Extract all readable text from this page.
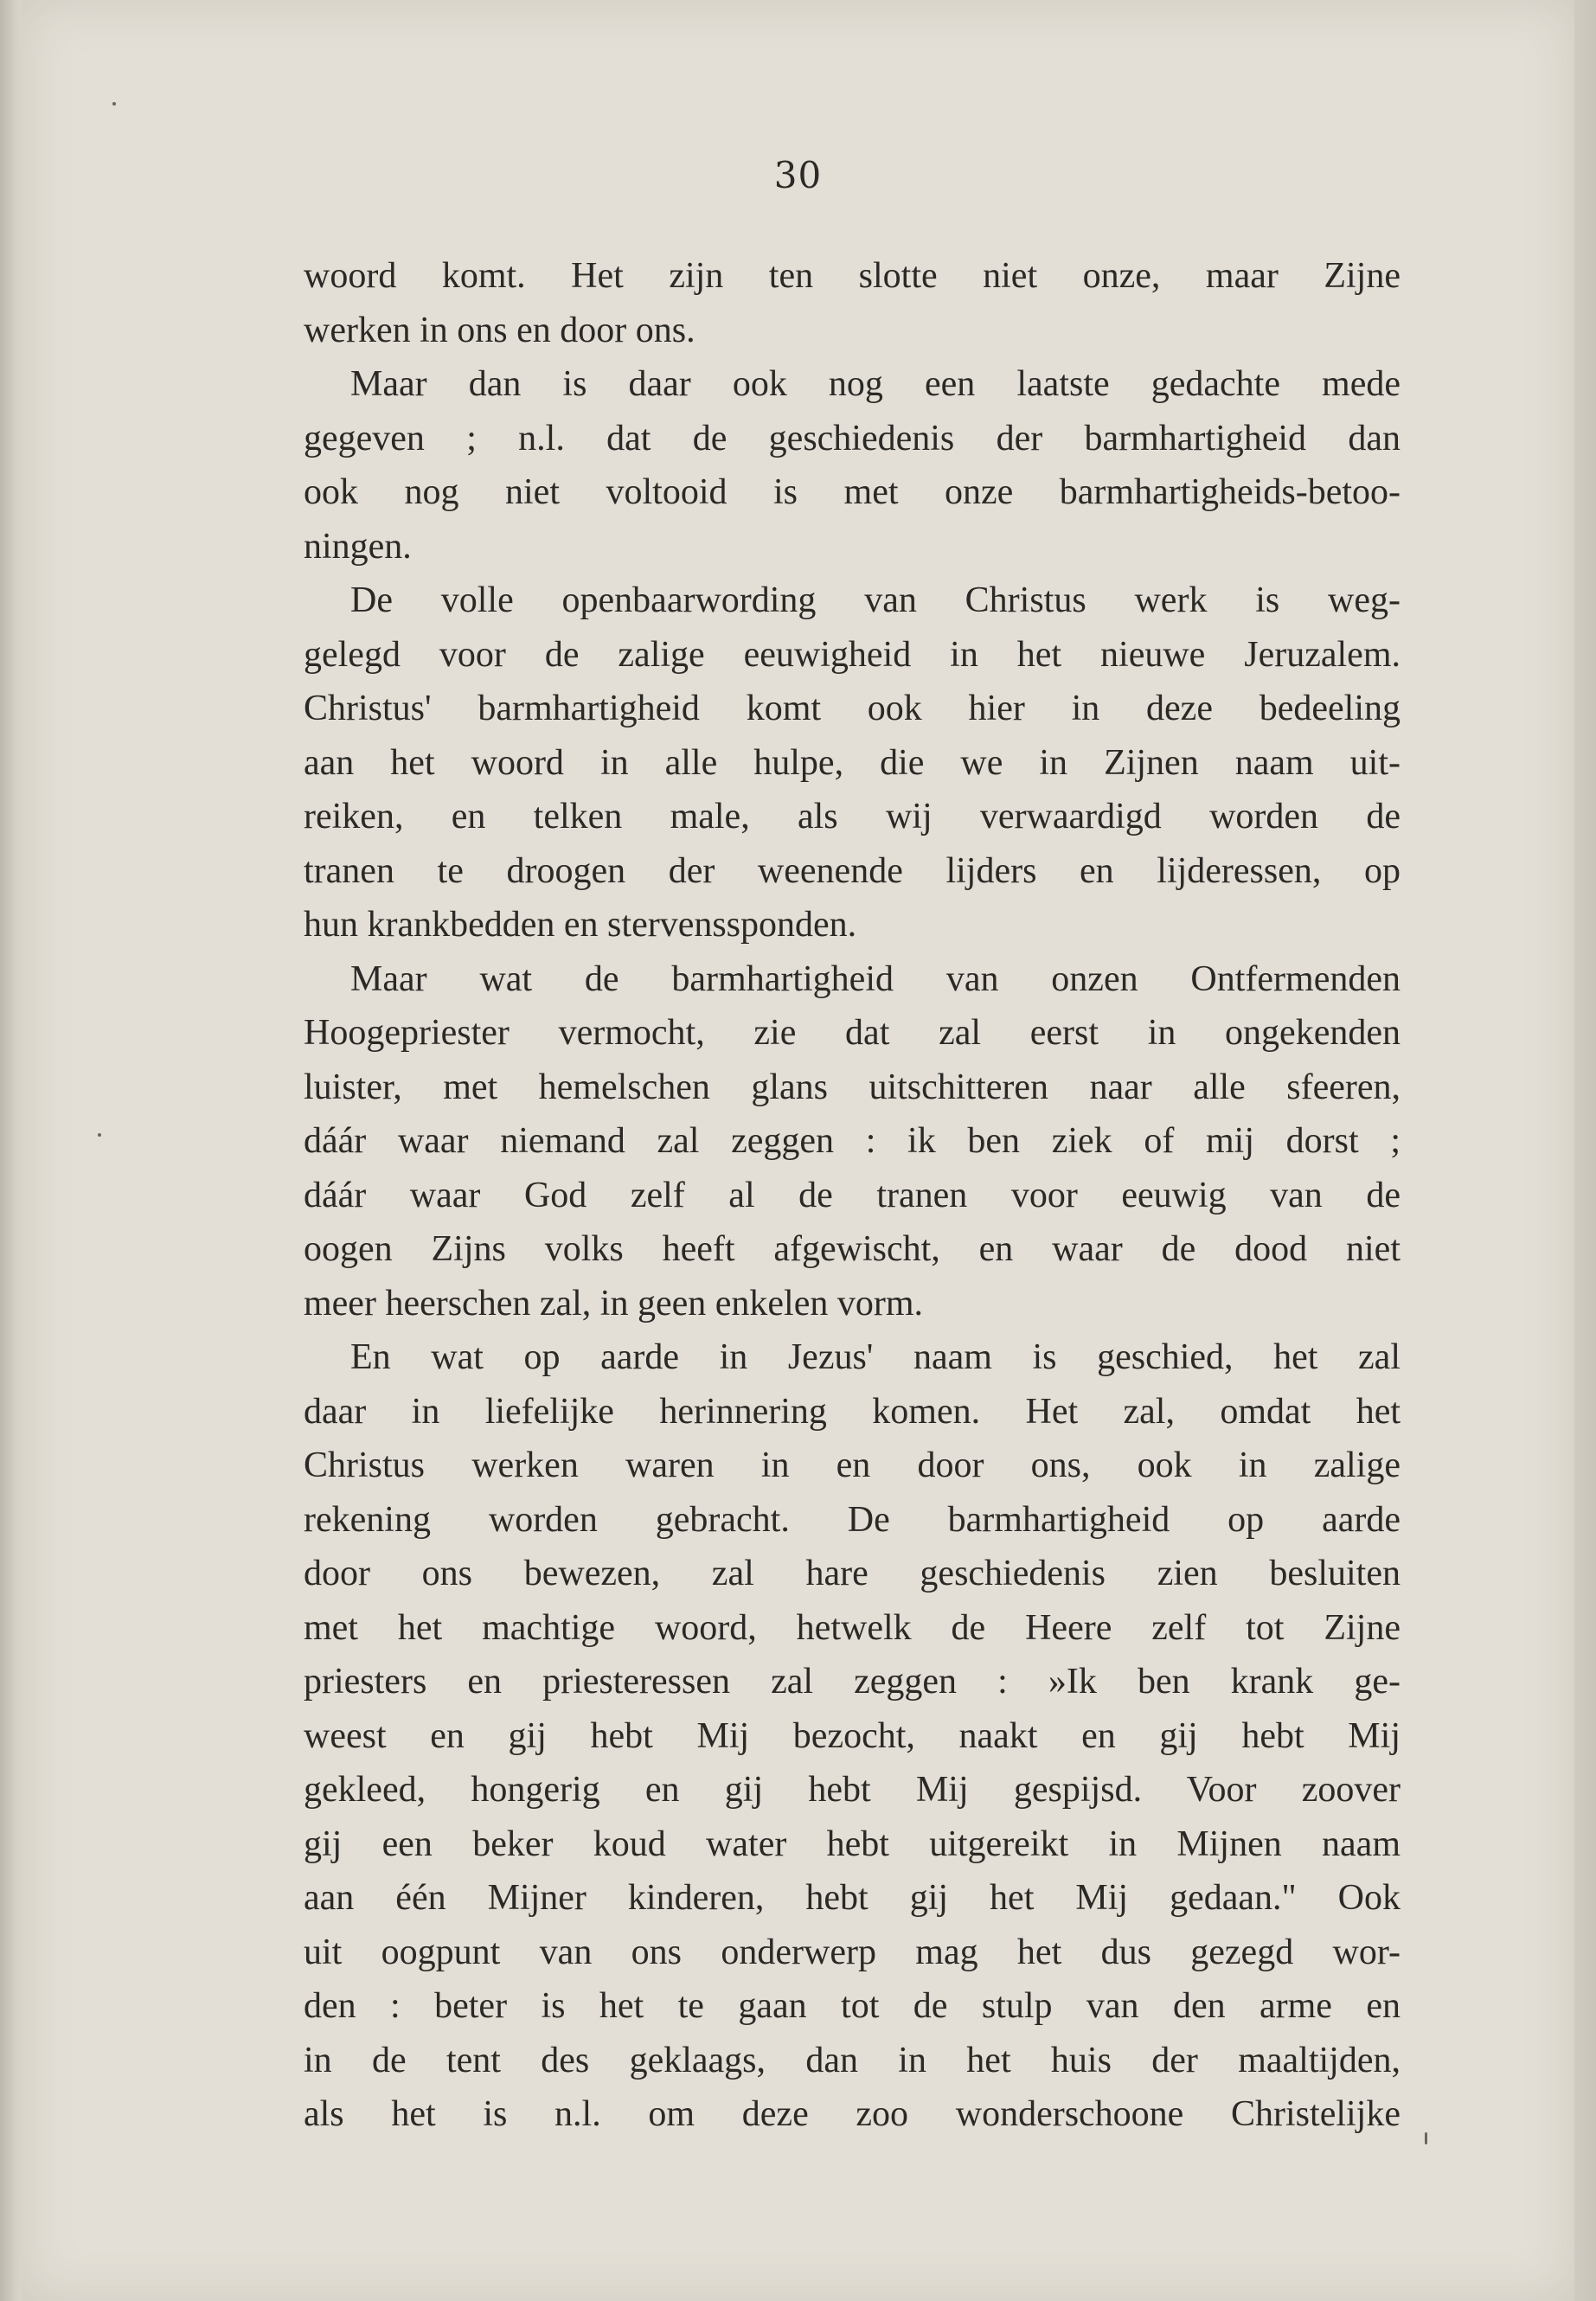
30
woord komt. Het zijn ten slotte niet onze, maar Zijne
werken in ons en door ons.
Maar dan is daar ook nog een laatste gedachte mede
gegeven ; n.l. dat de geschiedenis der barmhartigheid dan
ook nog niet voltooid is met onze barmhartigheids-betoo-
ningen.
De volle openbaarwording van Christus werk is weg-
gelegd voor de zalige eeuwigheid in het nieuwe Jeruzalem.
Christus' barmhartigheid komt ook hier in deze bedeeling
aan het woord in alle hulpe, die we in Zijnen naam uit-
reiken, en telken male, als wij verwaardigd worden de
tranen te droogen der weenende lijders en lijderessen, op
hun krankbedden en stervenssponden.
Maar wat de barmhartigheid van onzen Ontfermenden
Hoogepriester vermocht, zie dat zal eerst in ongekenden
luister, met hemelschen glans uitschitteren naar alle sfeeren,
dáár waar niemand zal zeggen : ik ben ziek of mij dorst ;
dáár waar God zelf al de tranen voor eeuwig van de
oogen Zijns volks heeft afgewischt, en waar de dood niet
meer heerschen zal, in geen enkelen vorm.
En wat op aarde in Jezus' naam is geschied, het zal
daar in liefelijke herinnering komen. Het zal, omdat het
Christus werken waren in en door ons, ook in zalige
rekening worden gebracht. De barmhartigheid op aarde
door ons bewezen, zal hare geschiedenis zien besluiten
met het machtige woord, hetwelk de Heere zelf tot Zijne
priesters en priesteressen zal zeggen : »Ik ben krank ge-
weest en gij hebt Mij bezocht, naakt en gij hebt Mij
gekleed, hongerig en gij hebt Mij gespijsd. Voor zoover
gij een beker koud water hebt uitgereikt in Mijnen naam
aan één Mijner kinderen, hebt gij het Mij gedaan." Ook
uit oogpunt van ons onderwerp mag het dus gezegd wor-
den : beter is het te gaan tot de stulp van den arme en
in de tent des geklaags, dan in het huis der maaltijden,
als het is n.l. om deze zoo wonderschoone Christelijke
